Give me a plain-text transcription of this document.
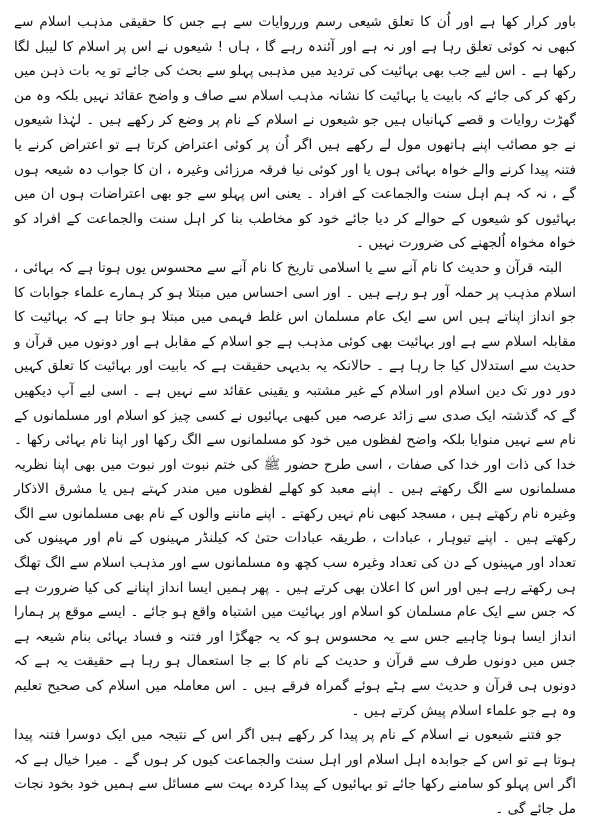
باور کرار کھا ہے اور اُن کا تعلق شیعی رسم ورروایات سے ہے جس کا حقیقی مذہب اسلام سے کبھی نہ کوئی تعلق رہا ہے اور نہ ہے اور آئندہ رہے گا ، ہاں ! شیعوں نے اس پر اسلام کا لیبل لگا رکھا ہے ۔ اس لیے جب بھی بہائیت کی تردید میں مذہبی پہلو سے بحث کی جائے تو یہ بات ذہن میں رکھ کر کی جائے کہ بابیت یا بہائیت کا نشانہ مذہب اسلام سے صاف و واضح عقائد نہیں بلکہ وہ من گھڑت روایات و قصے کہانیاں ہیں جو شیعوں نے اسلام کے نام پر وضع کر رکھے ہیں ۔ لہٰذا شیعوں نے جو مصائب اپنے ہاتھوں مول لے رکھے ہیں اگر اُن پر کوئی اعتراض کرتا ہے تو اعتراض کرنے یا فتنہ پیدا کرنے والے خواہ بہائی ہوں یا اور کوئی نیا فرقہ مرزائی وغیرہ ، ان کا جواب دہ شیعہ ہوں گے ، نہ کہ ہم اہل سنت والجماعت کے افراد ۔ یعنی اس پہلو سے جو بھی اعتراضات ہوں ان میں بہائیوں کو شیعوں کے حوالے کر دیا جائے خود کو مخاطب بنا کر اہل سنت والجماعت کے افراد کو خواہ مخواہ اُلجھنے کی ضرورت نہیں ۔

البتہ قرآن و حدیث کا نام آنے سے یا اسلامی تاریخ کا نام آنے سے محسوس یوں ہوتا ہے کہ بہائی ، اسلام مذہب پر حملہ آور ہو رہے ہیں ۔ اور اسی احساس میں مبتلا ہو کر ہمارے علماء جوابات کا جو انداز اپناتے ہیں اس سے ایک عام مسلمان اس غلط فہمی میں مبتلا ہو جاتا ہے کہ بہائیت کا مقابلہ اسلام سے ہے اور بہائیت بھی کوئی مذہب ہے جو اسلام کے مقابل ہے اور دونوں میں قرآن و حدیث سے استدلال کیا جا رہا ہے ۔ حالانکہ یہ بدیہی حقیقت ہے کہ بابیت اور بہائیت کا تعلق کہیں دور دور تک دین اسلام اور اسلام کے غیر مشتبہ و یقینی عقائد سے نہیں ہے ۔ اسی لیے آپ دیکھیں گے کہ گذشتہ ایک صدی سے زائد عرصہ میں کبھی بہائیوں نے کسی چیز کو اسلام اور مسلمانوں کے نام سے نہیں منوایا بلکہ واضح لفظوں میں خود کو مسلمانوں سے الگ رکھا اور اپنا نام بہائی رکھا ۔ خدا کی ذات اور خدا کی صفات ، اسی طرح حضور ﷺ کی ختم نبوت اور نبوت میں بھی اپنا نظریہ مسلمانوں سے الگ رکھتے ہیں ۔ اپنے معبد کو کھلے لفظوں میں مندر کہتے ہیں یا مشرق الاذکار وغیرہ نام رکھتے ہیں ، مسجد کبھی نام نہیں رکھتے ۔ اپنے ماننے والوں کے نام بھی مسلمانوں سے الگ رکھتے ہیں ۔ اپنے تیوہار ، عبادات ، طریقہ عبادات حتیٰ کہ کیلنڈر مہینوں کے نام اور مہینوں کی تعداد اور مہینوں کے دن کی تعداد وغیرہ سب کچھ وہ مسلمانوں سے اور مذہب اسلام سے الگ تھلگ ہی رکھتے رہے ہیں اور اس کا اعلان بھی کرتے ہیں ۔ پھر ہمیں ایسا انداز اپنانے کی کیا ضرورت ہے کہ جس سے ایک عام مسلمان کو اسلام اور بہائیت میں اشتباہ واقع ہو جائے ۔ ایسے موقع پر ہمارا انداز ایسا ہونا چاہیے جس سے یہ محسوس ہو کہ یہ جھگڑا اور فتنہ و فساد بہائی بنام شیعہ ہے جس میں دونوں طرف سے قرآن و حدیث کے نام کا بے جا استعمال ہو رہا ہے حقیقت یہ ہے کہ دونوں ہی قرآن و حدیث سے ہٹے ہوئے گمراہ فرقے ہیں ۔ اس معاملہ میں اسلام کی صحیح تعلیم وہ ہے جو علماء اسلام پیش کرتے ہیں ۔

جو فتنے شیعوں نے اسلام کے نام پر پیدا کر رکھے ہیں اگر اس کے نتیجہ میں ایک دوسرا فتنہ پیدا ہوتا ہے تو اس کے جوابدہ اہل اسلام اور اہل سنت والجماعت کیوں کر ہوں گے ۔ میرا خیال ہے کہ اگر اس پہلو کو سامنے رکھا جائے تو بہائیوں کے پیدا کردہ بہت سے مسائل سے ہمیں خود بخود نجات مل جائے گی ۔
